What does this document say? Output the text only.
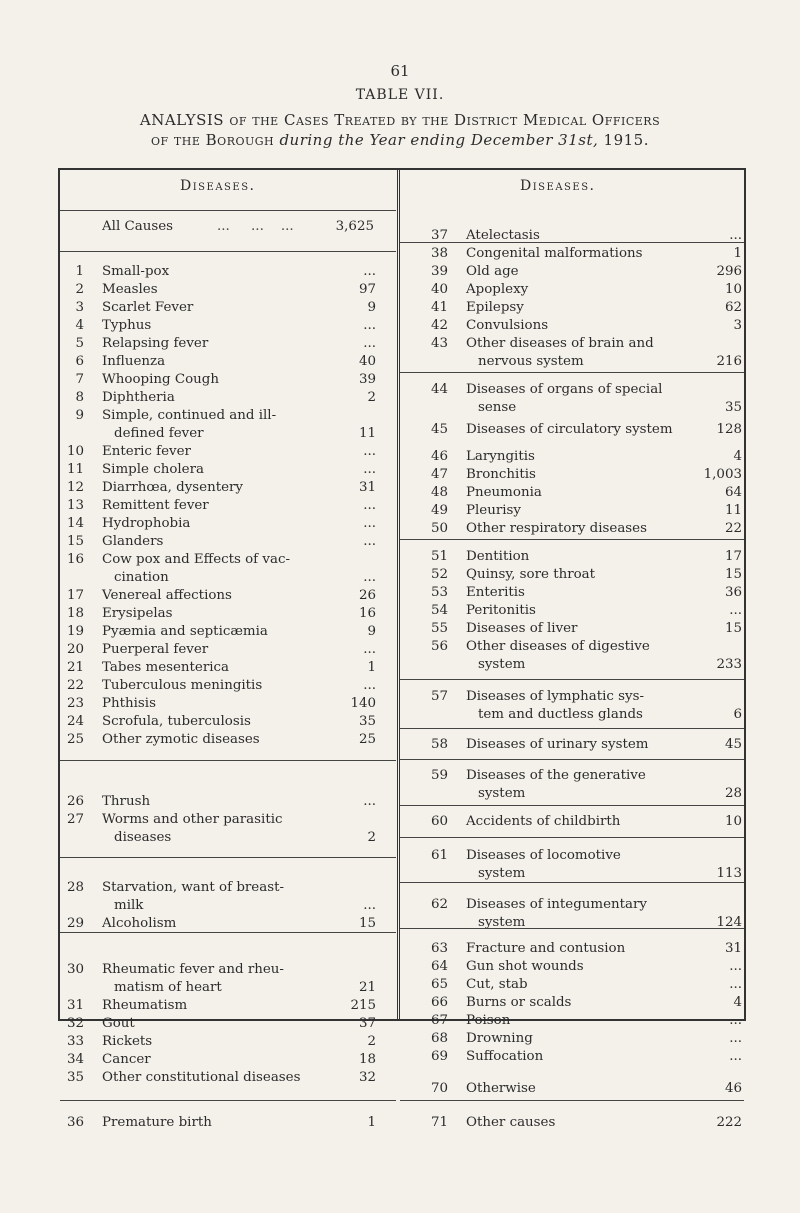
61
TABLE VII.
ANALYSIS of the Cases Treated by the District Medical Officers
of the Borough during the Year ending December 31st, 1915.
Diseases.	Diseases.
All Causes	...     ...    ...	3,625
1 Small-pox	...
2 Measles	97
3 Scarlet Fever	9
4 Typhus	...
5 Relapsing fever	...
6 Influenza	40
7 Whooping Cough	39
8 Diphtheria	2
9 Simple, continued and ill-
defined fever	11
10 Enteric fever	...
11 Simple cholera	...
12 Diarrhœa, dysentery	31
13 Remittent fever	...
14 Hydrophobia	...
15 Glanders	...
16 Cow pox and Effects of vac-
cination	...
17 Venereal affections	26
18 Erysipelas	16
19 Pyæmia and septicæmia	9
20 Puerperal fever	...
21 Tabes mesenterica	1
22 Tuberculous meningitis	...
23 Phthisis	140
24 Scrofula, tuberculosis	35
25 Other zymotic diseases	25
26 Thrush	...
27 Worms and other parasitic
diseases	2
28 Starvation, want of breast-
milk	...
29 Alcoholism	15
30 Rheumatic fever and rheu-
matism of heart	21
31 Rheumatism	215
32 Gout	37
33 Rickets	2
34 Cancer	18
35 Other constitutional diseases	32
36 Premature birth	1
37 Atelectasis	...
38 Congenital malformations	1
39 Old age	296
40 Apoplexy	10
41 Epilepsy	62
42 Convulsions	3
43 Other diseases of brain and
nervous system	216
44 Diseases of organs of special
sense	35
45 Diseases of circulatory system	128
46 Laryngitis	4
47 Bronchitis	1,003
48 Pneumonia	64
49 Pleurisy	11
50 Other respiratory diseases	22
51 Dentition	17
52 Quinsy, sore throat	15
53 Enteritis	36
54 Peritonitis	...
55 Diseases of liver	15
56 Other diseases of digestive
system	233
57 Diseases of lymphatic sys-
tem and ductless glands	6
58 Diseases of urinary system	45
59 Diseases of the generative
system	28
60 Accidents of childbirth	10
61 Diseases of locomotive
system	113
62 Diseases of integumentary
system	124
63 Fracture and contusion	31
64 Gun shot wounds	...
65 Cut, stab	...
66 Burns or scalds	4
67 Poison	...
68 Drowning	...
69 Suffocation	...
70 Otherwise	46
71 Other causes	222
